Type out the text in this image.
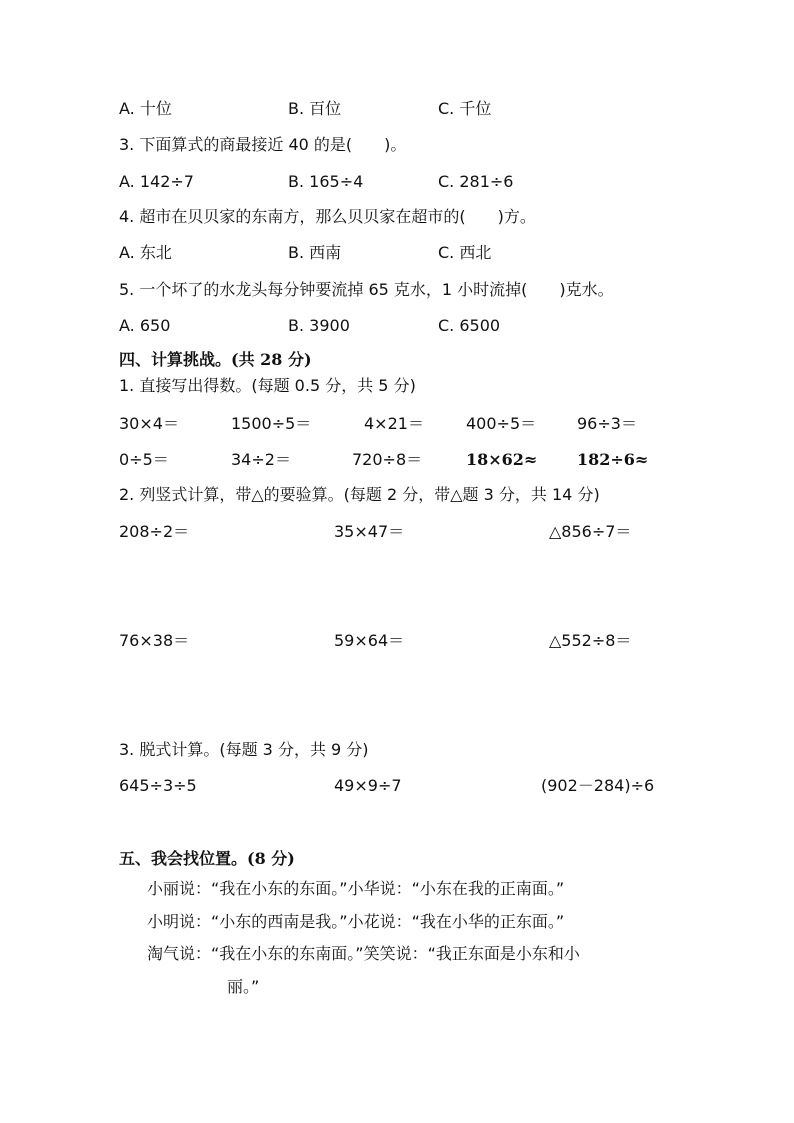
A. 十位	B. 百位	C. 千位
3. 下面算式的商最接近 40 的是(　　)。
A. 142÷7	B. 165÷4	C. 281÷6
4. 超市在贝贝家的东南方，那么贝贝家在超市的(　　)方。
A. 东北	B. 西南	C. 西北
5. 一个坏了的水龙头每分钟要流掉 65 克水，1 小时流掉(　　)克水。
A. 650	B. 3900	C. 6500
四、计算挑战。(共 28 分)
1. 直接写出得数。(每题 0.5 分，共 5 分)
30×4＝	1500÷5＝	4×21＝	400÷5＝	96÷3＝
0÷5＝	34÷2＝	720÷8＝	18×62≈ 182÷6≈
2. 列竖式计算，带△的要验算。(每题 2 分，带△题 3 分，共 14 分)
208÷2＝	35×47＝	△856÷7＝
76×38＝	59×64＝	△552÷8＝
3. 脱式计算。(每题 3 分，共 9 分)
645÷3÷5	49×9÷7	(902－284)÷6
五、我会找位置。(8 分)
小丽说：“我在小东的东面。”小华说：“小东在我的正南面。”
小明说：“小东的西南是我。”小花说：“我在小华的正东面。”
淘气说：“我在小东的东南面。”笑笑说：“我正东面是小东和小
丽。”
